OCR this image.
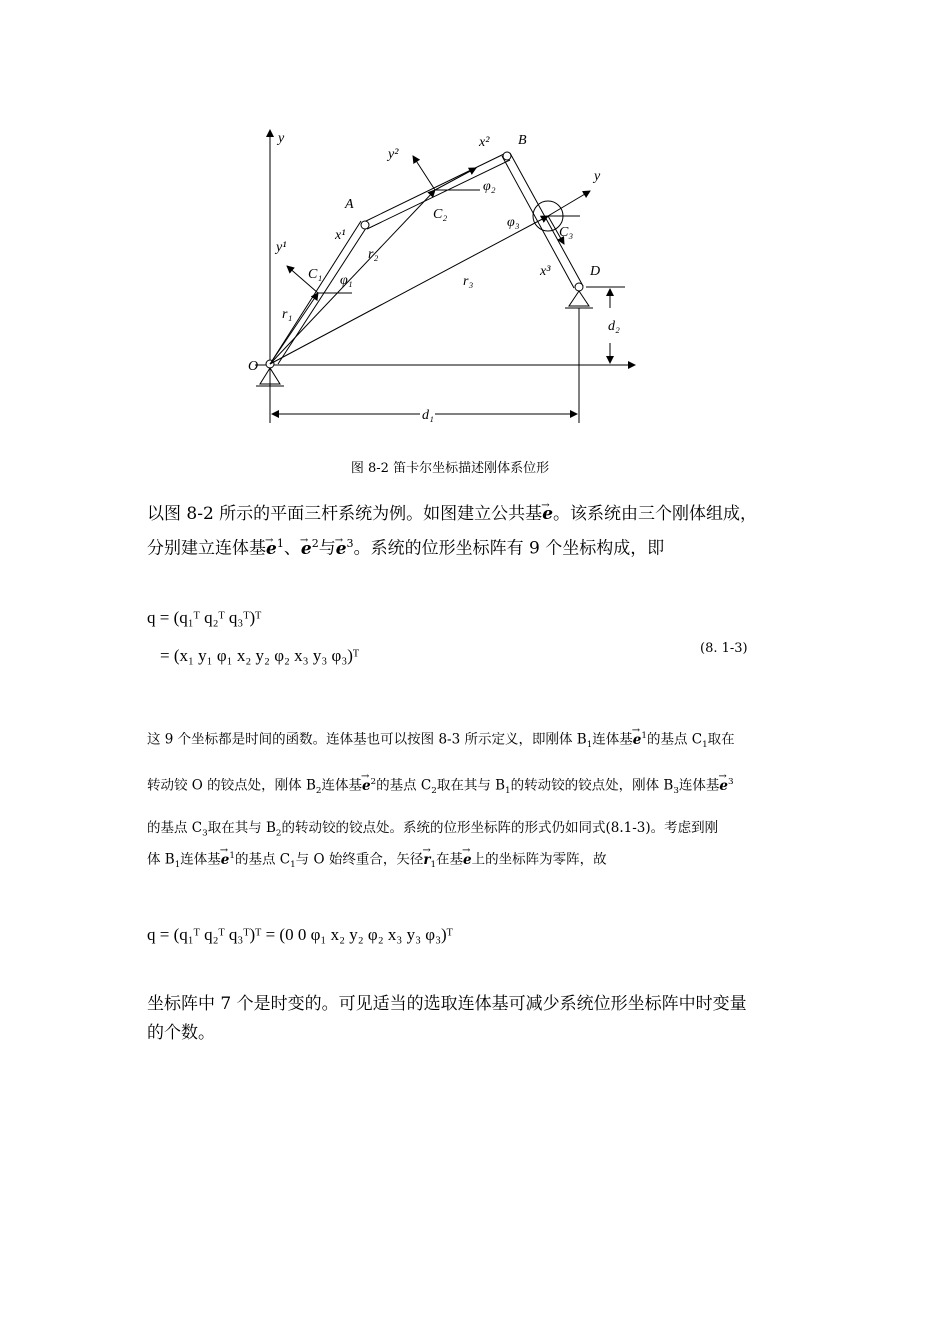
O
A
B
D
C₁
C₂
C₃
y
y
y¹
x¹
y²
x²
x³
r₁
r₂
r₃
φ₁
φ₂
φ₃
d₁
d₂
图 8-2 笛卡尔坐标描述刚体系位形
以图 8-2 所示的平面三杆系统为例。如图建立公共基→ e。该系统由三个刚体组成，
分别建立连体基→ $e^1$、→ $e^2$与→ $e^3$。系统的位形坐标阵有 9 个坐标构成，即
q = (q₁ᵀ q₂ᵀ q₃ᵀ)ᵀ
= (x₁ y₁ φ₁ x₂ y₂ φ₂ x₃ y₃ φ₃)ᵀ	(8. 1-3)
这 9 个坐标都是时间的函数。连体基也可以按图 8-3 所示定义，即刚体 $B_1$连体基→ $e^1$的基点 $C_1$取在
转动铰 O 的铰点处，刚体 $B_2$连体基→ $e^2$的基点 $C_2$取在其与 $B_1$的转动铰的铰点处，刚体 $B_3$连体基→ $e^3$
的基点 $C_3$取在其与 $B_2$的转动铰的铰点处。系统的位形坐标阵的形式仍如同式(8.1-3)。考虑到刚
体 $B_1$连体基→ $e^1$的基点 $C_1$与 O 始终重合，矢径→ $r_1$在基→ e上的坐标阵为零阵，故
q = (q₁ᵀ q₂ᵀ q₃ᵀ)ᵀ = (0 0 φ₁ x₂ y₂ φ₂ x₃ y₃ φ₃)ᵀ
坐标阵中 7 个是时变的。可见适当的选取连体基可减少系统位形坐标阵中时变量
的个数。
